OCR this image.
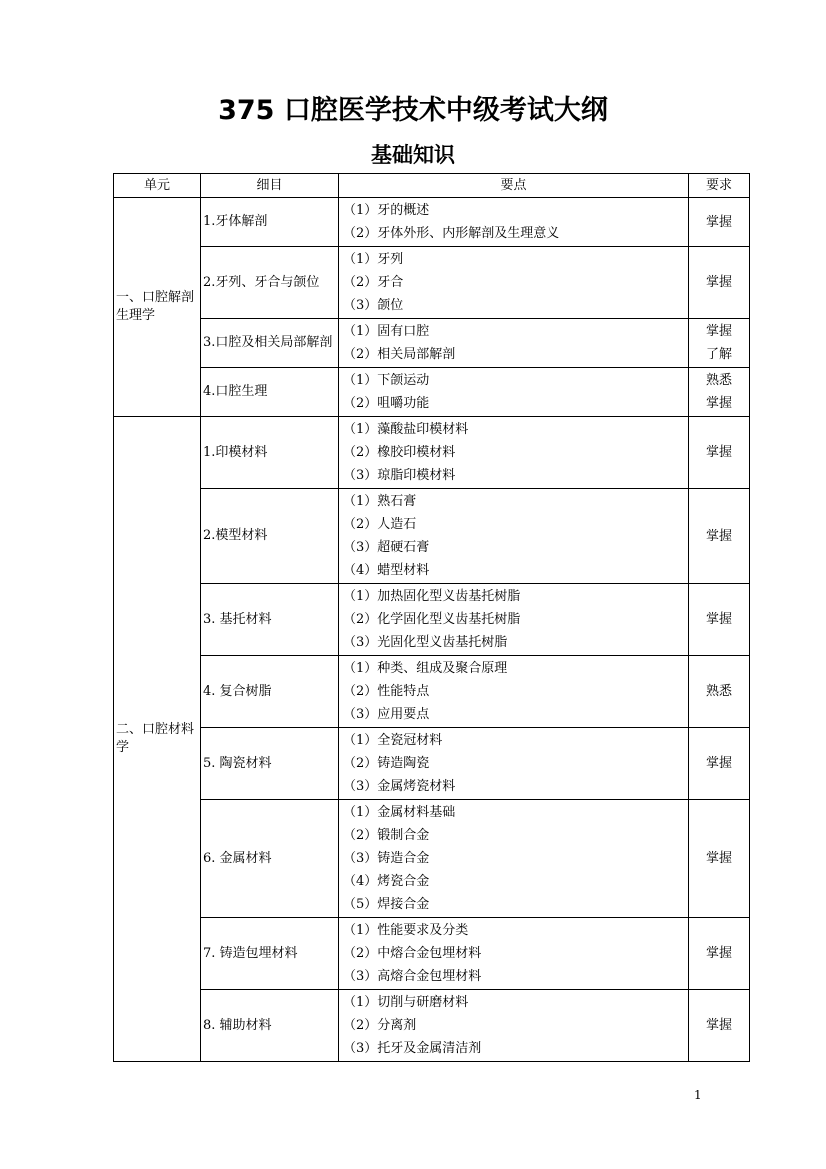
375 口腔医学技术中级考试大纲
基础知识
单元	细目	要点	要求
一、口腔解剖生理学	1.牙体解剖	（1）牙的概述
（2）牙体外形、内形解剖及生理意义	掌握

	2.牙列、牙合与颌位	（1）牙列
（2）牙合
（3）颌位	掌握

	3.口腔及相关局部解剖	（1）固有口腔
（2）相关局部解剖	掌握
了解

	4.口腔生理	（1）下颌运动
（2）咀嚼功能	熟悉
掌握

二、口腔材料学	1.印模材料	（1）藻酸盐印模材料
（2）橡胶印模材料
（3）琼脂印模材料	掌握

	2.模型材料	（1）熟石膏
（2）人造石
（3）超硬石膏
（4）蜡型材料	掌握

	3. 基托材料	（1）加热固化型义齿基托树脂
（2）化学固化型义齿基托树脂
（3）光固化型义齿基托树脂	掌握

	4. 复合树脂	（1）种类、组成及聚合原理
（2）性能特点
（3）应用要点	熟悉

	5. 陶瓷材料	（1）全瓷冠材料
（2）铸造陶瓷
（3）金属烤瓷材料	掌握

	6. 金属材料	（1）金属材料基础
（2）锻制合金
（3）铸造合金
（4）烤瓷合金
（5）焊接合金	掌握

	7. 铸造包埋材料	（1）性能要求及分类
（2）中熔合金包埋材料
（3）高熔合金包埋材料	掌握

	8. 辅助材料	（1）切削与研磨材料
（2）分离剂
（3）托牙及金属清洁剂	掌握
1
